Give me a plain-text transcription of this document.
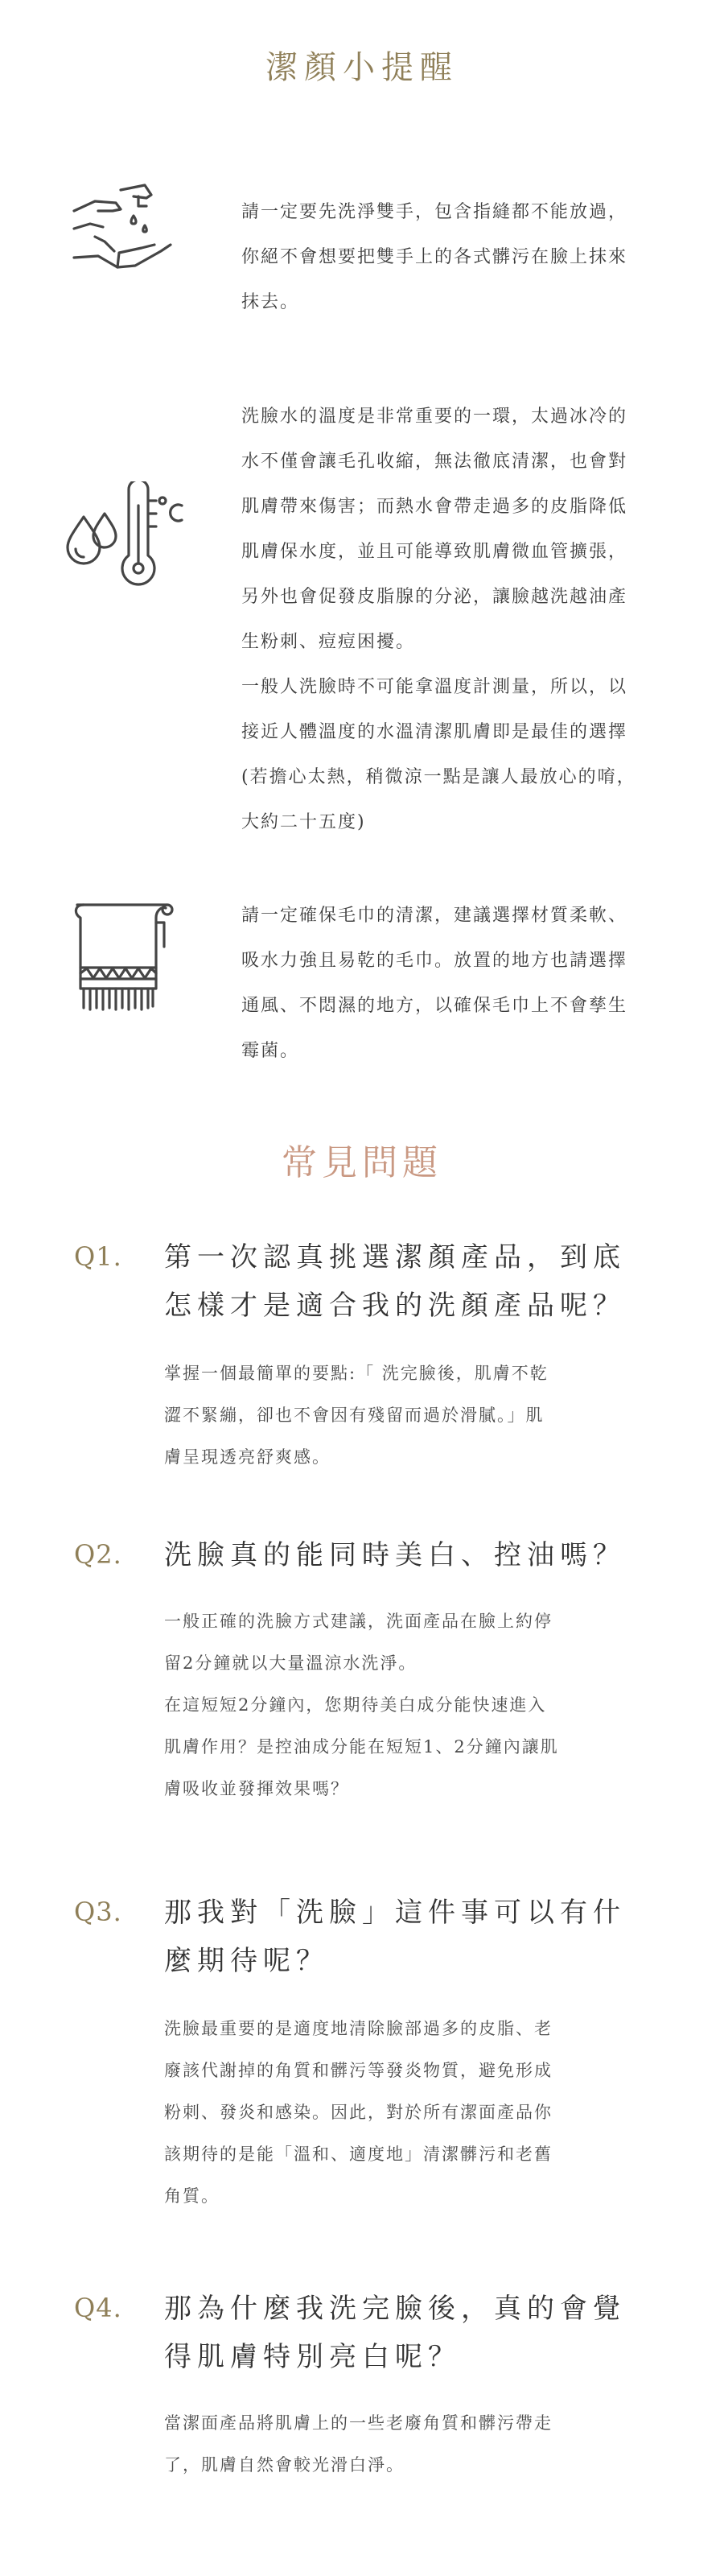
潔顏小提醒
請一定要先洗淨雙手，包含指縫都不能放過，
你絕不會想要把雙手上的各式髒污在臉上抹來
抹去。
洗臉水的溫度是非常重要的一環，太過冰冷的
水不僅會讓毛孔收縮，無法徹底清潔，也會對
肌膚帶來傷害；而熱水會帶走過多的皮脂降低
肌膚保水度，並且可能導致肌膚微血管擴張，
另外也會促發皮脂腺的分泌，讓臉越洗越油產
生粉刺、痘痘困擾。
一般人洗臉時不可能拿溫度計測量，所以，以
接近人體溫度的水溫清潔肌膚即是最佳的選擇
(若擔心太熱，稍微涼一點是讓人最放心的唷，
大約二十五度)
請一定確保毛巾的清潔，建議選擇材質柔軟、
吸水力強且易乾的毛巾。放置的地方也請選擇
通風、不悶濕的地方，以確保毛巾上不會孳生
霉菌。
常見問題
Q1. 第一次認真挑選潔顏產品，到底
怎樣才是適合我的洗顏產品呢？
掌握一個最簡單的要點:「 洗完臉後，肌膚不乾
澀不緊繃，卻也不會因有殘留而過於滑膩。」肌
膚呈現透亮舒爽感。
Q2. 洗臉真的能同時美白、控油嗎？
一般正確的洗臉方式建議，洗面產品在臉上約停
留2分鐘就以大量溫涼水洗淨。
在這短短2分鐘內，您期待美白成分能快速進入
肌膚作用？是控油成分能在短短1、2分鐘內讓肌
膚吸收並發揮效果嗎？
Q3. 那我對「洗臉」這件事可以有什
麼期待呢？
洗臉最重要的是適度地清除臉部過多的皮脂、老
廢該代謝掉的角質和髒污等發炎物質，避免形成
粉刺、發炎和感染。因此，對於所有潔面產品你
該期待的是能「溫和、適度地」清潔髒污和老舊
角質。
Q4. 那為什麼我洗完臉後，真的會覺
得肌膚特別亮白呢？
當潔面產品將肌膚上的一些老廢角質和髒污帶走
了，肌膚自然會較光滑白淨。
